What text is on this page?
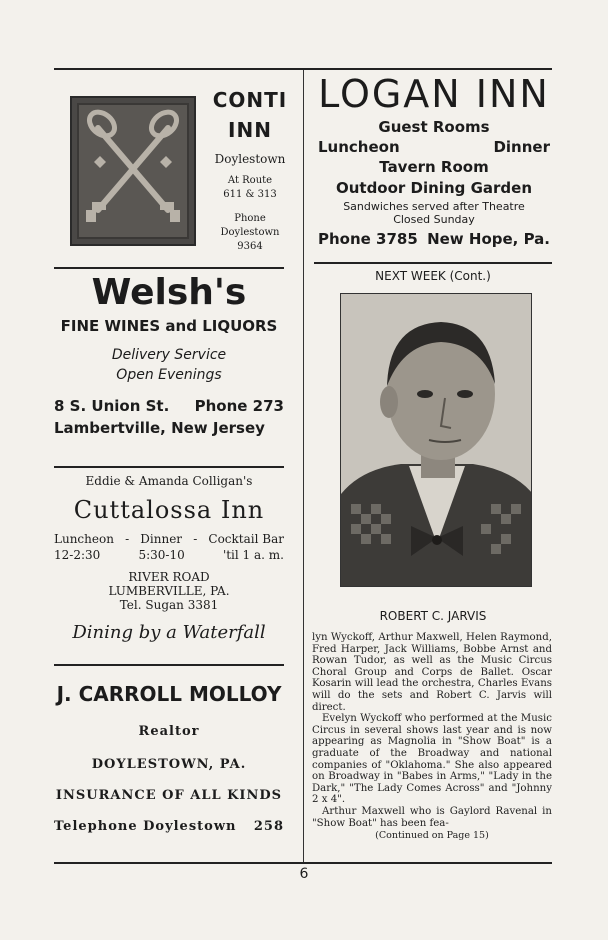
CONTI
INN
Doylestown
At Route
611 & 313
Phone
Doylestown
9364
LOGAN INN
Guest Rooms
Luncheon	Dinner
Tavern Room
Outdoor Dining Garden
Sandwiches served after Theatre
Closed Sunday
Phone 3785 New Hope, Pa.
NEXT WEEK (Cont.)
ROBERT C. JARVIS

lyn Wyckoff, Arthur Maxwell, Helen Raymond, Fred Harper, Jack Williams, Bobbe Arnst and Rowan Tudor, as well as the Music Circus Choral Group and Corps de Ballet. Oscar Kosarin will lead the orchestra, Charles Evans will do the sets and Robert C. Jarvis will direct.

Evelyn Wyckoff who performed at the Music Circus in several shows last year and is now appearing as Magnolia in "Show Boat" is a graduate of the Broadway and national companies of "Oklahoma." She also appeared on Broadway in "Babes in Arms," "Lady in the Dark," "The Lady Comes Across" and "Johnny 2 x 4".

Arthur Maxwell who is Gaylord Ravenal in "Show Boat" has been fea-

(Continued on Page 15)

Welsh's
FINE WINES and LIQUORS
Delivery Service
Open Evenings
8 S. Union St. Phone 273
Lambertville, New Jersey
Eddie & Amanda Colligan's
Cuttalossa Inn
Luncheon - Dinner - Cocktail Bar
12-2:30	5:30-10	'til 1 a. m.
RIVER ROAD
LUMBERVILLE, PA.
Tel. Sugan 3381
Dining by a Waterfall
J. CARROLL MOLLOY
Realtor
DOYLESTOWN, PA.
INSURANCE OF ALL KINDS
Telephone Doylestown 258
6
